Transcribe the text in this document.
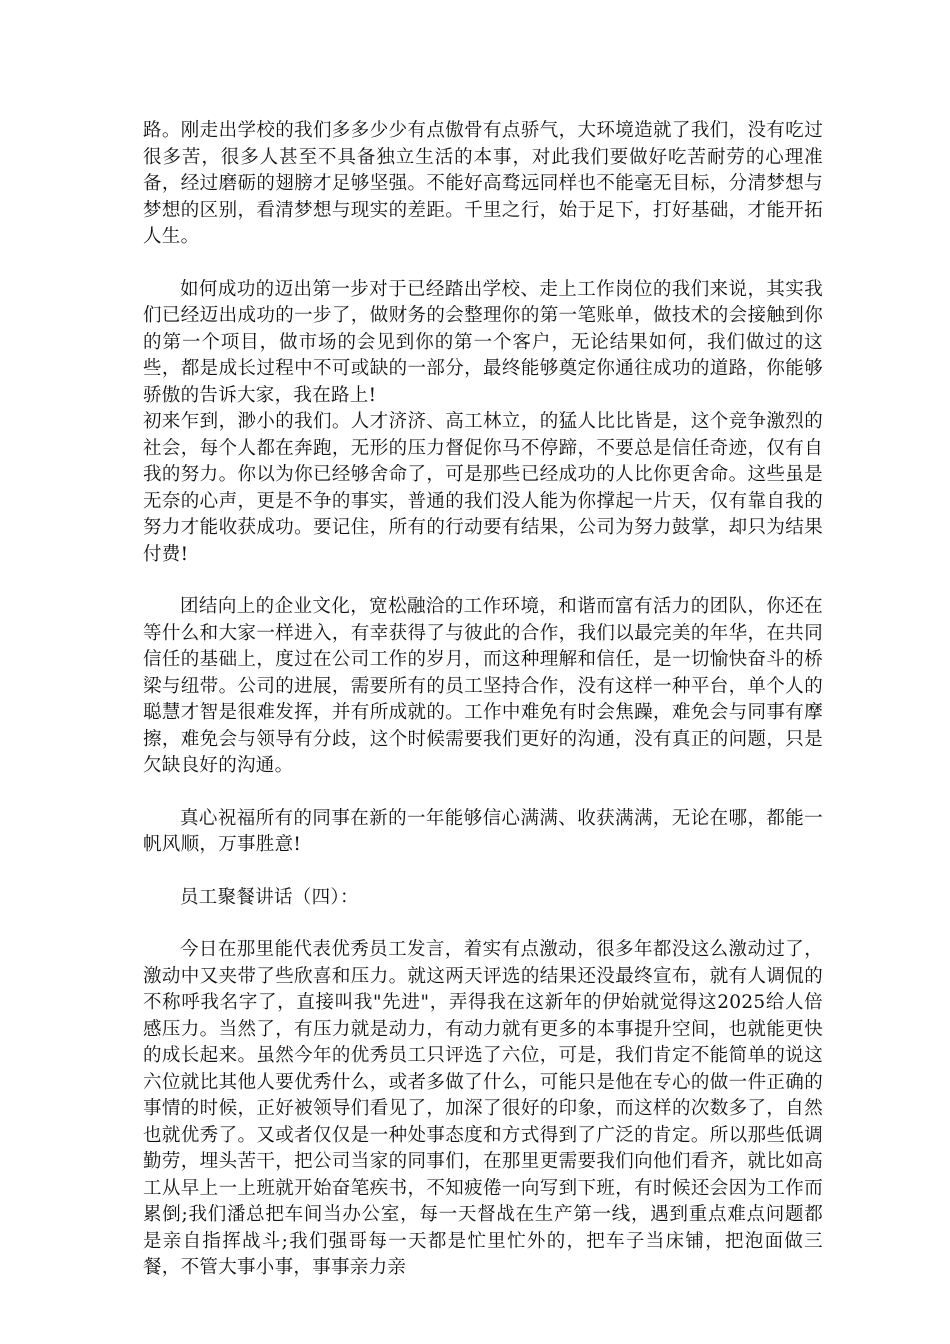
路。刚走出学校的我们多多少少有点傲骨有点骄气，大环境造就了我们，没有吃过很多苦，很多人甚至不具备独立生活的本事，对此我们要做好吃苦耐劳的心理准备，经过磨砺的翅膀才足够坚强。不能好高骛远同样也不能毫无目标，分清梦想与梦想的区别，看清梦想与现实的差距。千里之行，始于足下，打好基础，才能开拓人生。

如何成功的迈出第一步对于已经踏出学校、走上工作岗位的我们来说，其实我们已经迈出成功的一步了，做财务的会整理你的第一笔账单，做技术的会接触到你的第一个项目，做市场的会见到你的第一个客户，无论结果如何，我们做过的这些，都是成长过程中不可或缺的一部分，最终能够奠定你通往成功的道路，你能够骄傲的告诉大家，我在路上!

初来乍到，渺小的我们。人才济济、高工林立，的猛人比比皆是，这个竞争激烈的社会，每个人都在奔跑，无形的压力督促你马不停蹄，不要总是信任奇迹，仅有自我的努力。你以为你已经够舍命了，可是那些已经成功的人比你更舍命。这些虽是无奈的心声，更是不争的事实，普通的我们没人能为你撑起一片天，仅有靠自我的努力才能收获成功。要记住，所有的行动要有结果，公司为努力鼓掌，却只为结果付费!

团结向上的企业文化，宽松融洽的工作环境，和谐而富有活力的团队，你还在等什么和大家一样进入，有幸获得了与彼此的合作，我们以最完美的年华，在共同信任的基础上，度过在公司工作的岁月，而这种理解和信任，是一切愉快奋斗的桥梁与纽带。公司的进展，需要所有的员工坚持合作，没有这样一种平台，单个人的聪慧才智是很难发挥，并有所成就的。工作中难免有时会焦躁，难免会与同事有摩擦，难免会与领导有分歧，这个时候需要我们更好的沟通，没有真正的问题，只是欠缺良好的沟通。

真心祝福所有的同事在新的一年能够信心满满、收获满满，无论在哪，都能一帆风顺，万事胜意!

员工聚餐讲话（四）：

今日在那里能代表优秀员工发言，着实有点激动，很多年都没这么激动过了，激动中又夹带了些欣喜和压力。就这两天评选的结果还没最终宣布，就有人调侃的不称呼我名字了，直接叫我"先进"，弄得我在这新年的伊始就觉得这2025给人倍感压力。当然了，有压力就是动力，有动力就有更多的本事提升空间，也就能更快的成长起来。虽然今年的优秀员工只评选了六位，可是，我们肯定不能简单的说这六位就比其他人要优秀什么，或者多做了什么，可能只是他在专心的做一件正确的事情的时候，正好被领导们看见了，加深了很好的印象，而这样的次数多了，自然也就优秀了。又或者仅仅是一种处事态度和方式得到了广泛的肯定。所以那些低调勤劳，埋头苦干，把公司当家的同事们，在那里更需要我们向他们看齐，就比如高工从早上一上班就开始奋笔疾书，不知疲倦一向写到下班，有时候还会因为工作而累倒;我们潘总把车间当办公室，每一天督战在生产第一线，遇到重点难点问题都是亲自指挥战斗;我们强哥每一天都是忙里忙外的，把车子当床铺，把泡面做三餐，不管大事小事，事事亲力亲
